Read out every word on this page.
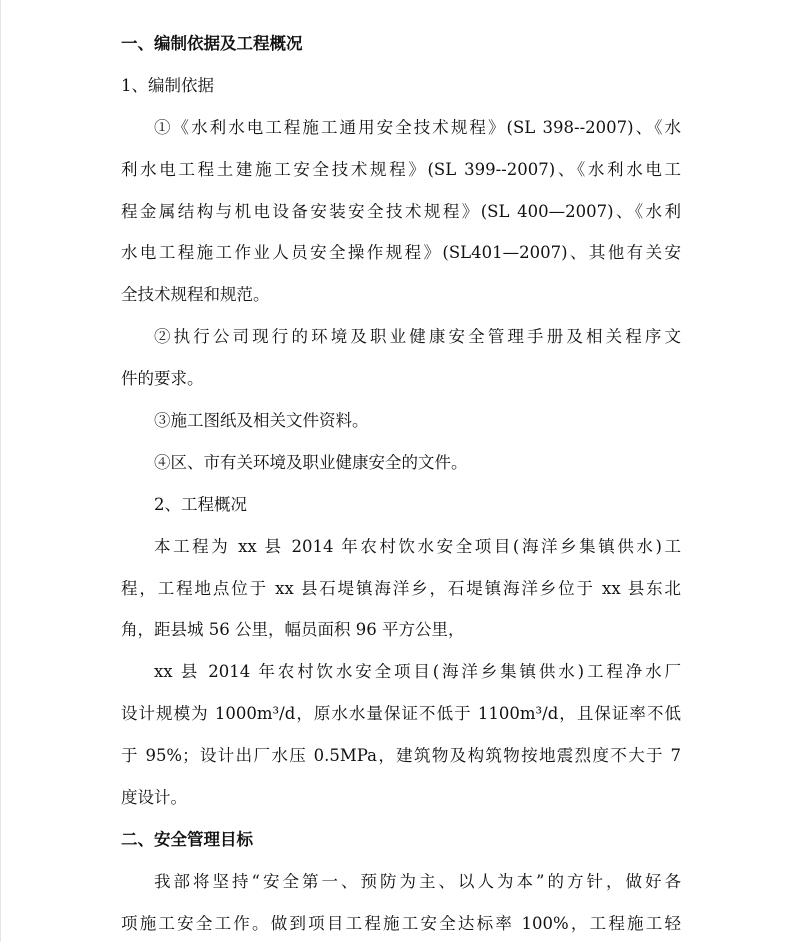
一、编制依据及工程概况
1、编制依据
①《水利水电工程施工通用安全技术规程》(SL 398--2007)、《水
利水电工程土建施工安全技术规程》(SL 399--2007)、《水利水电工
程金属结构与机电设备安装安全技术规程》(SL 400—2007)、《水利
水电工程施工作业人员安全操作规程》(SL401—2007)、其他有关安
全技术规程和规范。
②执行公司现行的环境及职业健康安全管理手册及相关程序文
件的要求。
③施工图纸及相关文件资料。
④区、市有关环境及职业健康安全的文件。
2、工程概况
本工程为 xx 县 2014 年农村饮水安全项目(海洋乡集镇供水)工
程，工程地点位于 xx 县石堤镇海洋乡，石堤镇海洋乡位于 xx 县东北
角，距县城 56 公里，幅员面积 96 平方公里，
xx 县 2014 年农村饮水安全项目(海洋乡集镇供水)工程净水厂
设计规模为 1000m³/d，原水水量保证不低于 1100m³/d，且保证率不低
于 95%；设计出厂水压 0.5MPa，建筑物及构筑物按地震烈度不大于 7
度设计。
二、安全管理目标
我部将坚持“安全第一、预防为主、以人为本”的方针，做好各
项施工安全工作。做到项目工程施工安全达标率 100%，工程施工轻
